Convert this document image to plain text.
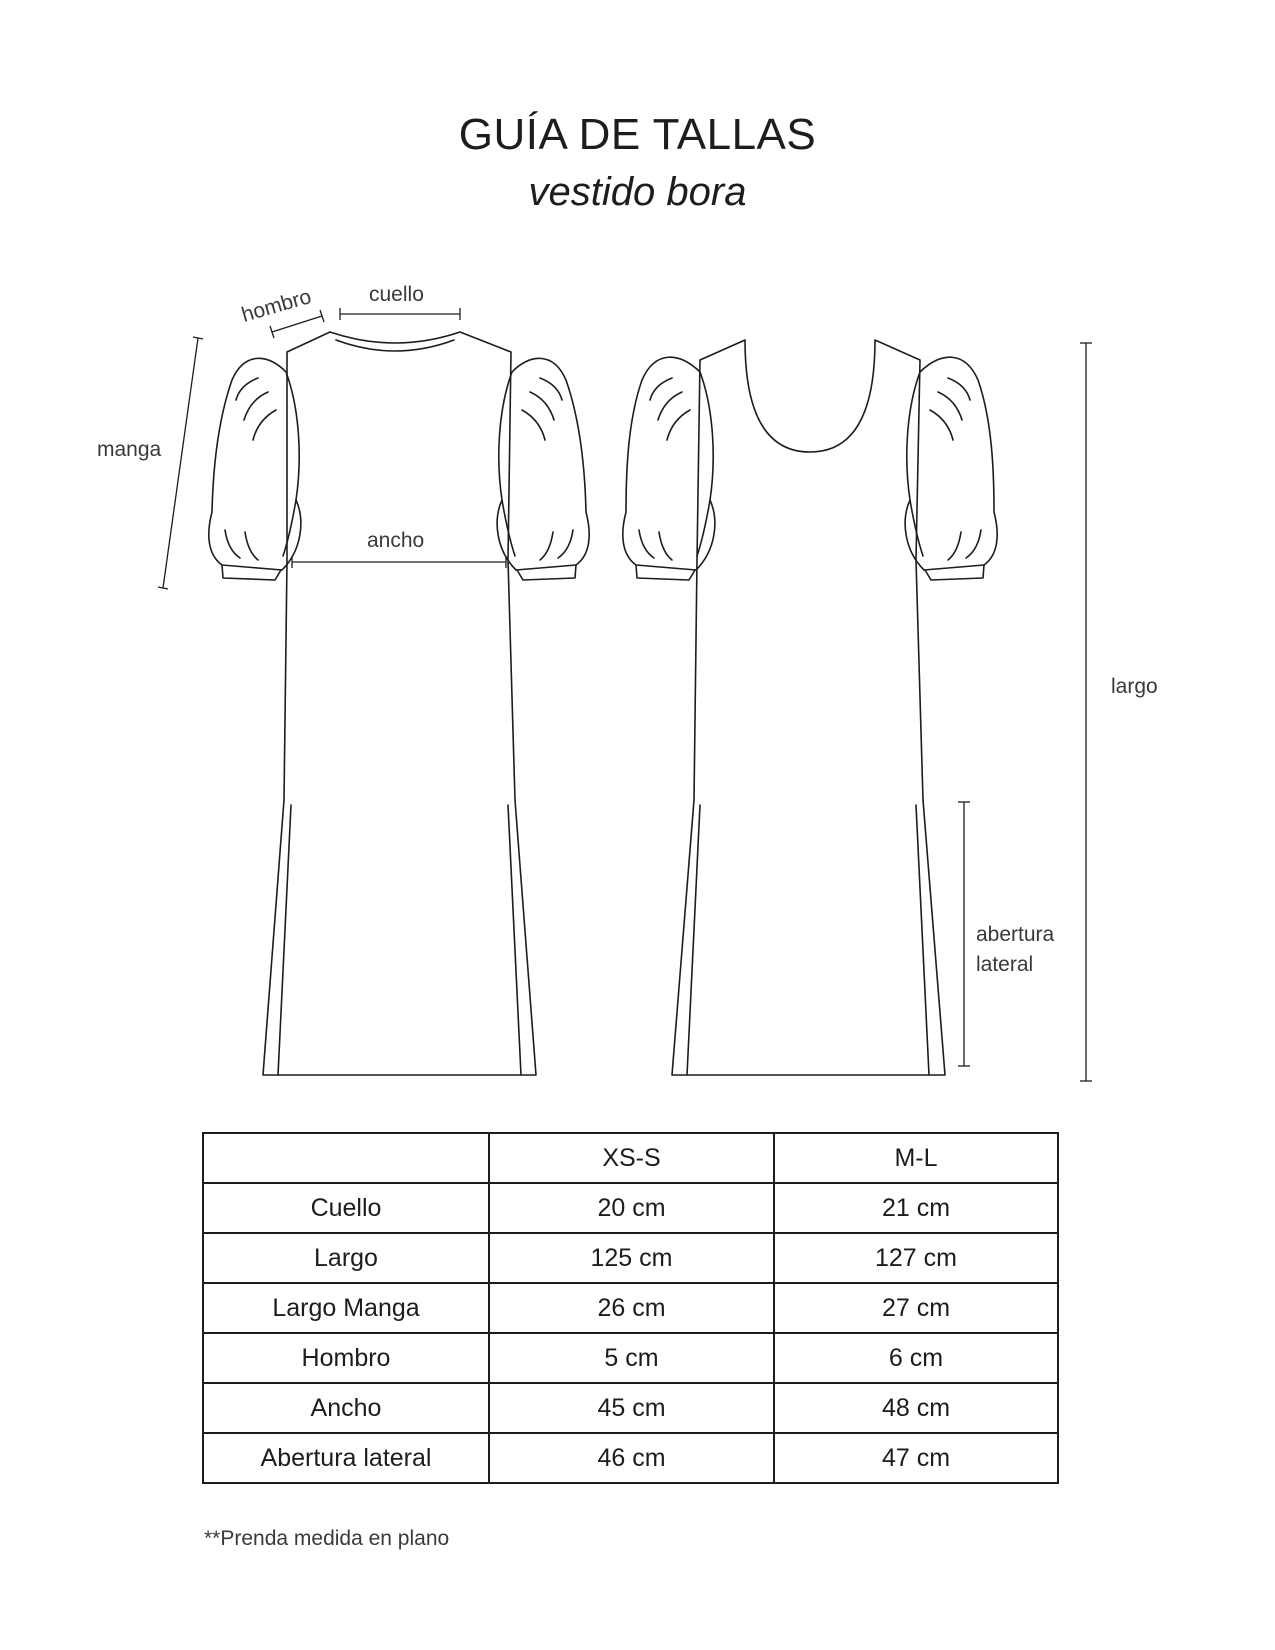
GUÍA DE TALLAS
vestido bora
hombro	cuello
manga
ancho
largo
abertura
lateral
	XS-S	M-L
Cuello	20 cm	21 cm
Largo	125 cm	127 cm
Largo Manga	26 cm	27 cm
Hombro	5 cm	6 cm
Ancho	45 cm	48 cm
Abertura lateral	46 cm	47 cm
**Prenda medida en plano
